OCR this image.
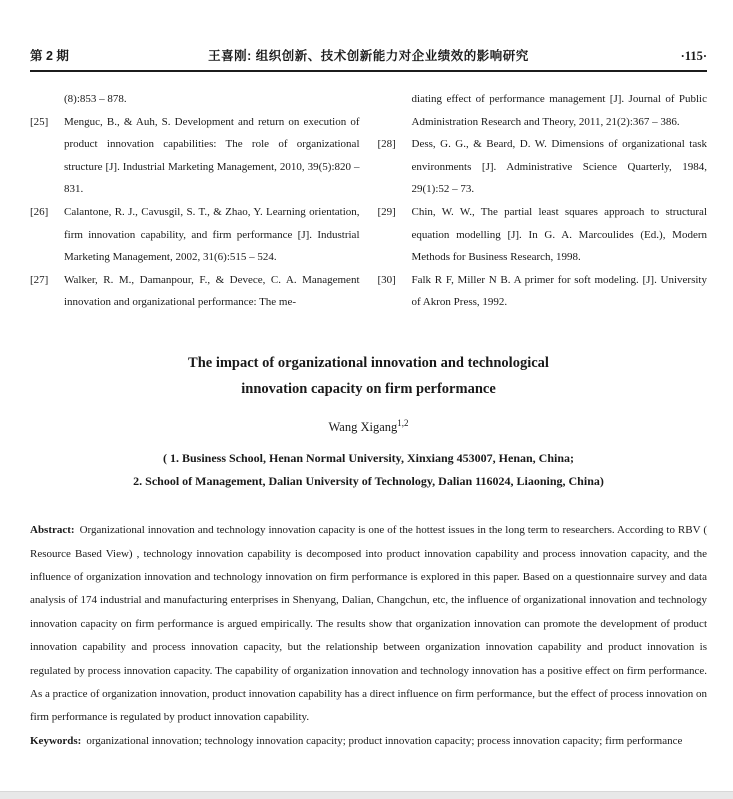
第 2 期	王喜刚: 组织创新、技术创新能力对企业绩效的影响研究	·115·
(8):853 – 878.
[25]	Menguc, B., & Auh, S. Development and return on execution of product innovation capabilities: The role of organizational structure [J]. Industrial Marketing Management, 2010, 39(5):820 – 831.
[26]	Calantone, R. J., Cavusgil, S. T., & Zhao, Y. Learning orientation, firm innovation capability, and firm performance [J]. Industrial Marketing Management, 2002, 31(6):515 – 524.
[27]	Walker, R. M., Damanpour, F., & Devece, C. A. Management innovation and organizational performance: The me-
diating effect of performance management [J]. Journal of Public Administration Research and Theory, 2011, 21(2):367 – 386.
[28]	Dess, G. G., & Beard, D. W. Dimensions of organizational task environments [J]. Administrative Science Quarterly, 1984, 29(1):52 – 73.
[29]	Chin, W. W., The partial least squares approach to structural equation modelling [J]. In G. A. Marcoulides (Ed.), Modern Methods for Business Research, 1998.
[30]	Falk R F, Miller N B. A primer for soft modeling. [J]. University of Akron Press, 1992.
The impact of organizational innovation and technological
innovation capacity on firm performance
Wang Xigang$^{1,2}$
( 1. Business School, Henan Normal University, Xinxiang 453007, Henan, China;
2. School of Management, Dalian University of Technology, Dalian 116024, Liaoning, China)

Abstract: Organizational innovation and technology innovation capacity is one of the hottest issues in the long term to researchers. According to RBV ( Resource Based View) , technology innovation capability is decomposed into product innovation capability and process innovation capacity, and the influence of organization innovation and technology innovation on firm performance is explored in this paper. Based on a questionnaire survey and data analysis of 174 industrial and manufacturing enterprises in Shenyang, Dalian, Changchun, etc, the influence of organizational innovation and technology innovation capacity on firm performance is argued empirically. The results show that organization innovation can promote the development of product innovation capability and process innovation capacity, but the relationship between organization innovation capability and product innovation is regulated by process innovation capacity. The capability of organization innovation and technology innovation has a positive effect on firm performance. As a practice of organization innovation, product innovation capability has a direct influence on firm performance, but the effect of process innovation on firm performance is regulated by product innovation capability.

Keywords: organizational innovation; technology innovation capacity; product innovation capacity; process innovation capacity; firm performance
